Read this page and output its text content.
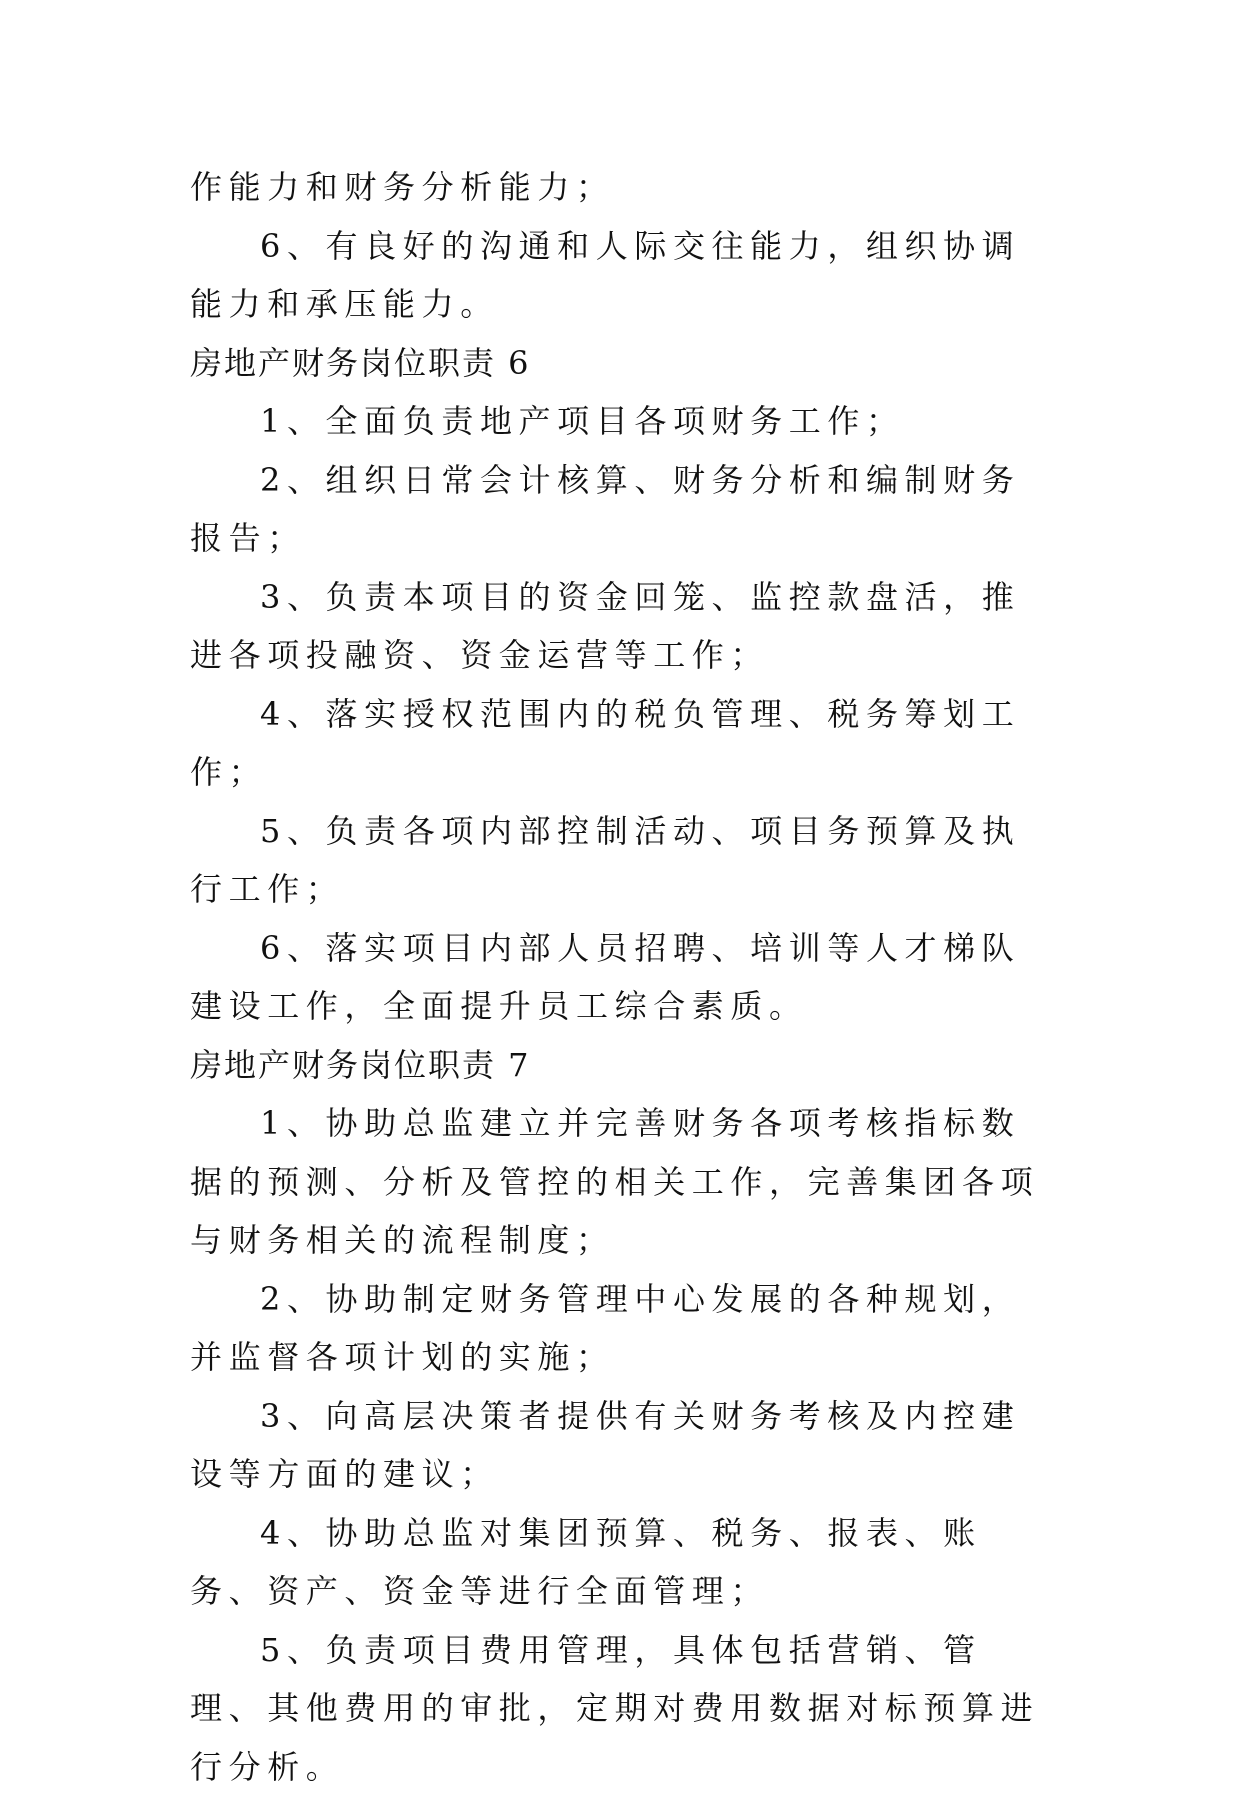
作能力和财务分析能力；

6、有良好的沟通和人际交往能力，组织协调能力和承压能力。

房地产财务岗位职责 6

1、全面负责地产项目各项财务工作；

2、组织日常会计核算、财务分析和编制财务报告；

3、负责本项目的资金回笼、监控款盘活，推进各项投融资、资金运营等工作；

4、落实授权范围内的税负管理、税务筹划工作；

5、负责各项内部控制活动、项目务预算及执行工作；

6、落实项目内部人员招聘、培训等人才梯队建设工作，全面提升员工综合素质。

房地产财务岗位职责 7

1、协助总监建立并完善财务各项考核指标数据的预测、分析及管控的相关工作，完善集团各项与财务相关的流程制度；

2、协助制定财务管理中心发展的各种规划，并监督各项计划的实施；

3、向高层决策者提供有关财务考核及内控建设等方面的建议；

4、协助总监对集团预算、税务、报表、账务、资产、资金等进行全面管理；

5、负责项目费用管理，具体包括营销、管理、其他费用的审批，定期对费用数据对标预算进行分析。
